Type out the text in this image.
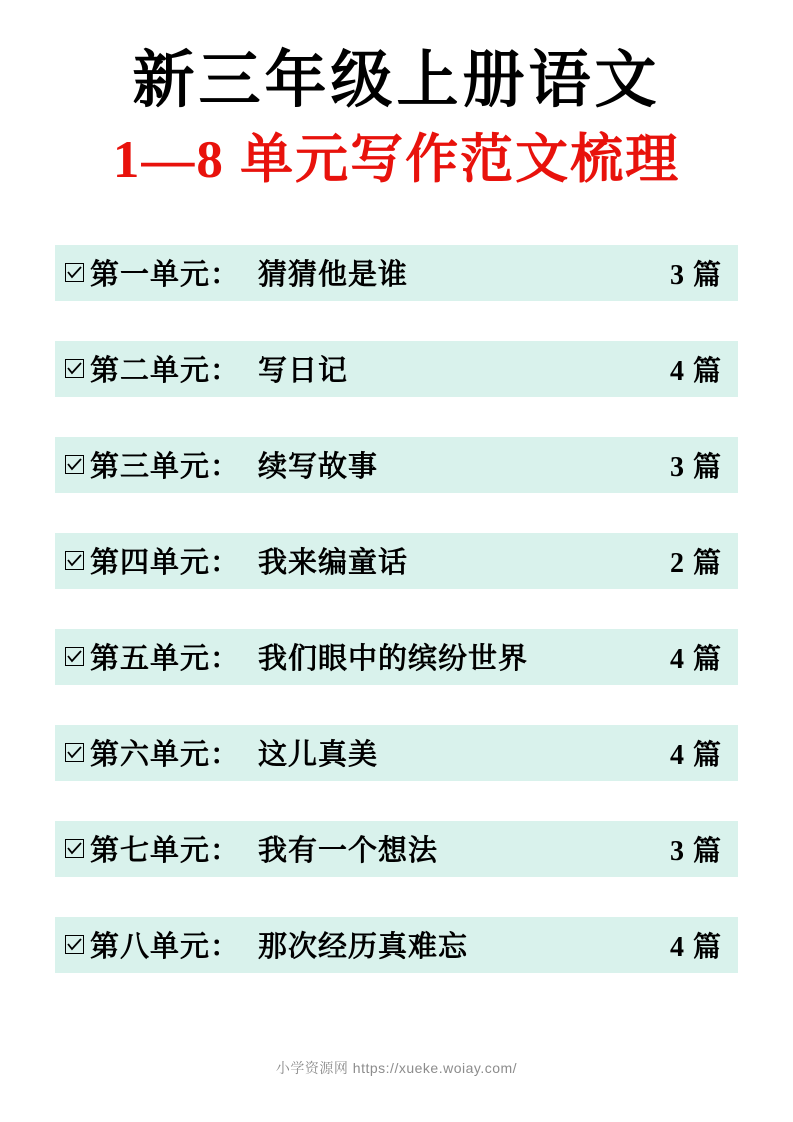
新三年级上册语文
1—8 单元写作范文梳理
第一单元： 猜猜他是谁	3 篇
第二单元： 写日记	4 篇
第三单元： 续写故事	3 篇
第四单元： 我来编童话	2 篇
第五单元： 我们眼中的缤纷世界	4 篇
第六单元： 这儿真美	4 篇
第七单元： 我有一个想法	3 篇
第八单元： 那次经历真难忘	4 篇
小学资源网 https://xueke.woiay.com/
